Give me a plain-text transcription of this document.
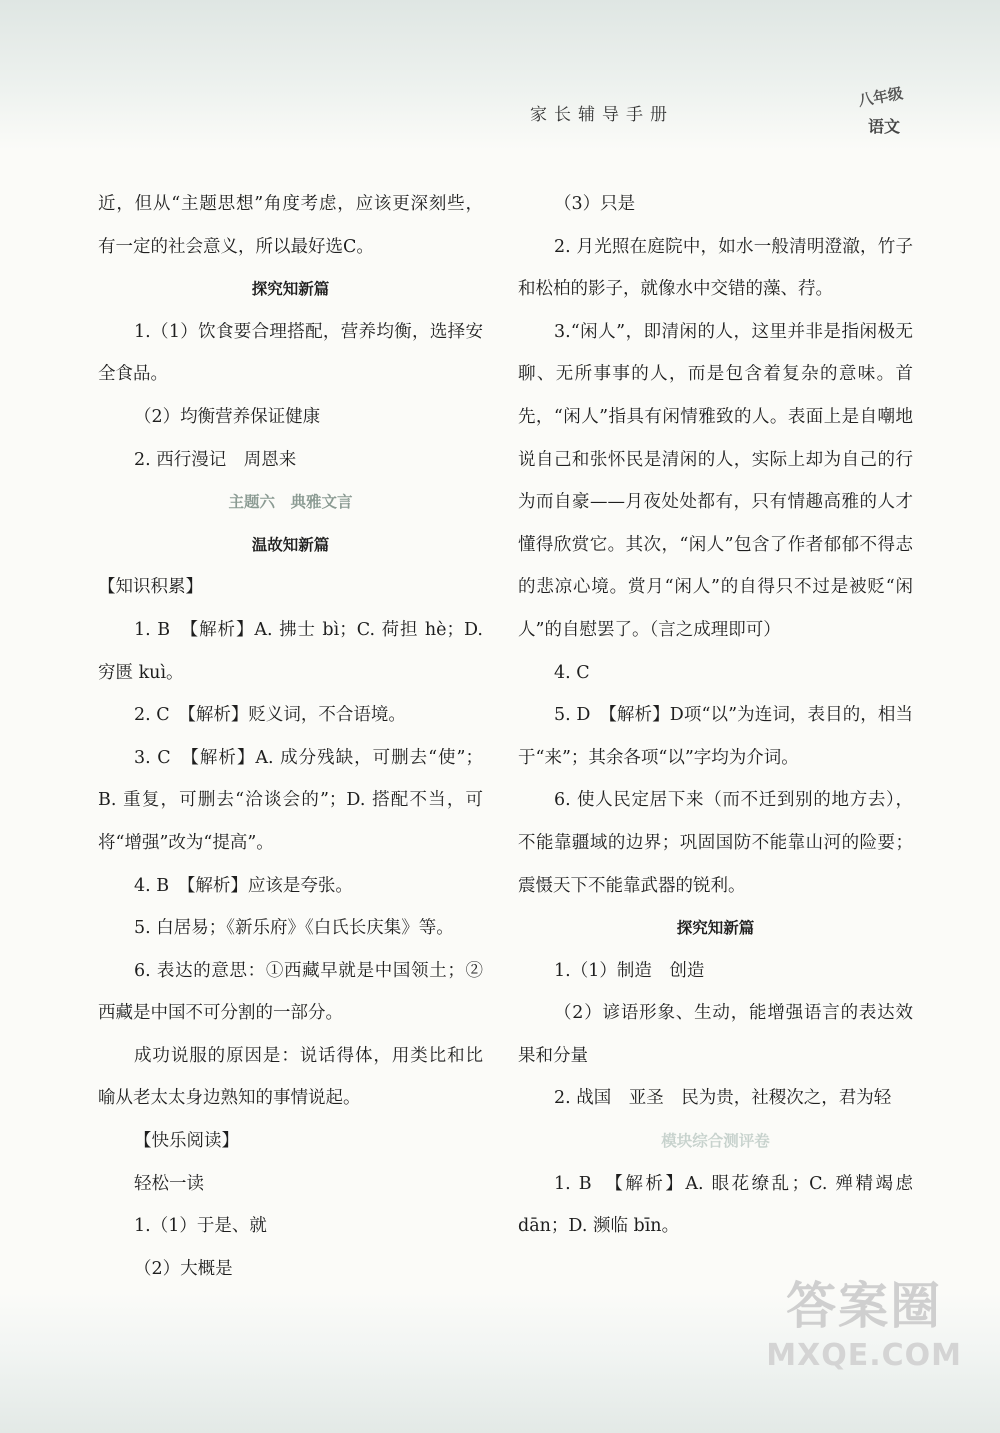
家长辅导手册
八年级
语文

近，但从“主题思想”角度考虑，应该更深刻些，有一定的社会意义，所以最好选C。

探究知新篇

1.（1）饮食要合理搭配，营养均衡，选择安全食品。

（2）均衡营养保证健康

2. 西行漫记　周恩来

主题六　典雅文言

温故知新篇

【知识积累】

1. B　【解析】A. 拂士 bì；C. 荷担 hè；D. 穷匮 kuì。

2. C　【解析】贬义词，不合语境。

3. C　【解析】A. 成分残缺，可删去“使”；B. 重复，可删去“洽谈会的”；D. 搭配不当，可将“增强”改为“提高”。

4. B　【解析】应该是夸张。

5. 白居易；《新乐府》《白氏长庆集》等。

6. 表达的意思：①西藏早就是中国领土；②西藏是中国不可分割的一部分。

成功说服的原因是：说话得体，用类比和比喻从老太太身边熟知的事情说起。

【快乐阅读】

轻松一读

1.（1）于是、就

（2）大概是

（3）只是

2. 月光照在庭院中，如水一般清明澄澈，竹子和松柏的影子，就像水中交错的藻、荇。

3.“闲人”，即清闲的人，这里并非是指闲极无聊、无所事事的人，而是包含着复杂的意味。首先，“闲人”指具有闲情雅致的人。表面上是自嘲地说自己和张怀民是清闲的人，实际上却为自己的行为而自豪——月夜处处都有，只有情趣高雅的人才懂得欣赏它。其次，“闲人”包含了作者郁郁不得志的悲凉心境。赏月“闲人”的自得只不过是被贬“闲人”的自慰罢了。（言之成理即可）

4. C

5. D　【解析】D项“以”为连词，表目的，相当于“来”；其余各项“以”字均为介词。

6. 使人民定居下来（而不迁到别的地方去），不能靠疆域的边界；巩固国防不能靠山河的险要；震慑天下不能靠武器的锐利。

探究知新篇

1.（1）制造　创造

（2）谚语形象、生动，能增强语言的表达效果和分量

2. 战国　亚圣　民为贵，社稷次之，君为轻

模块综合测评卷

1. B　【解析】A. 眼花缭乱；C. 殚精竭虑 dān；D. 濒临 bīn。

答案圈
MXQE.COM
